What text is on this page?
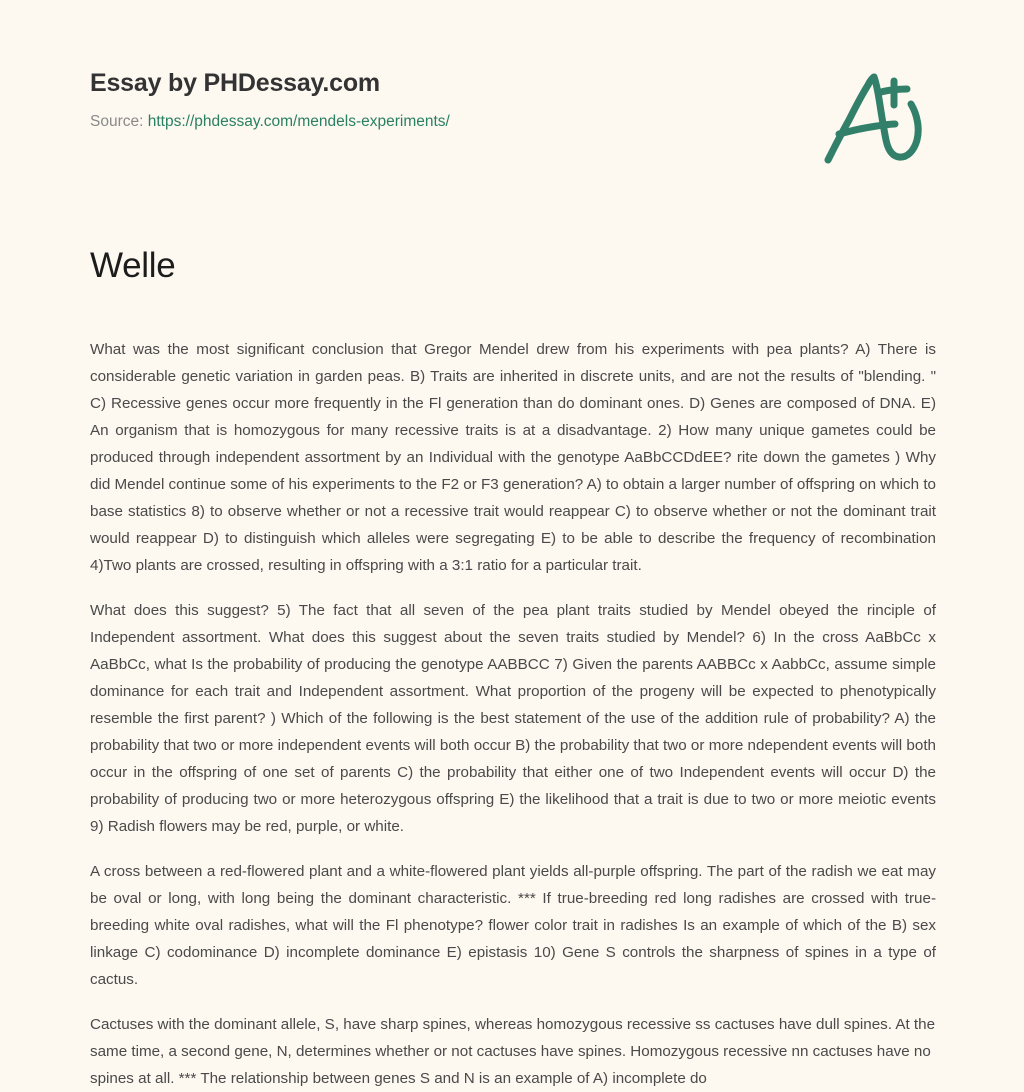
Essay by PHDessay.com

Source: https://phdessay.com/mendels-experiments/

Welle

What was the most significant conclusion that Gregor Mendel drew from his experiments with pea plants? A) There is considerable genetic variation in garden peas. B) Traits are inherited in discrete units, and are not the results of "blending. " C) Recessive genes occur more frequently in the Fl generation than do dominant ones. D) Genes are composed of DNA. E) An organism that is homozygous for many recessive traits is at a disadvantage. 2) How many unique gametes could be produced through independent assortment by an Individual with the genotype AaBbCCDdEE? rite down the gametes ) Why did Mendel continue some of his experiments to the F2 or F3 generation? A) to obtain a larger number of offspring on which to base statistics 8) to observe whether or not a recessive trait would reappear C) to observe whether or not the dominant trait would reappear D) to distinguish which alleles were segregating E) to be able to describe the frequency of recombination 4)Two plants are crossed, resulting in offspring with a 3:1 ratio for a particular trait.

What does this suggest? 5) The fact that all seven of the pea plant traits studied by Mendel obeyed the rinciple of Independent assortment. What does this suggest about the seven traits studied by Mendel? 6) In the cross AaBbCc x AaBbCc, what Is the probability of producing the genotype AABBCC 7) Given the parents AABBCc x AabbCc, assume simple dominance for each trait and Independent assortment. What proportion of the progeny will be expected to phenotypically resemble the first parent? ) Which of the following is the best statement of the use of the addition rule of probability? A) the probability that two or more independent events will both occur B) the probability that two or more ndependent events will both occur in the offspring of one set of parents C) the probability that either one of two Independent events will occur D) the probability of producing two or more heterozygous offspring E) the likelihood that a trait is due to two or more meiotic events 9) Radish flowers may be red, purple, or white.

A cross between a red-flowered plant and a white-flowered plant yields all-purple offspring. The part of the radish we eat may be oval or long, with long being the dominant characteristic. *** If true-breeding red long radishes are crossed with true-breeding white oval radishes, what will the Fl phenotype? flower color trait in radishes Is an example of which of the B) sex linkage C) codominance D) incomplete dominance E) epistasis 10) Gene S controls the sharpness of spines in a type of cactus.

Cactuses with the dominant allele, S, have sharp spines, whereas homozygous recessive ss cactuses have dull spines. At the same time, a second gene, N, determines whether or not cactuses have spines. Homozygous recessive nn cactuses have no spines at all. *** The relationship between genes S and N is an example of A) incomplete do
